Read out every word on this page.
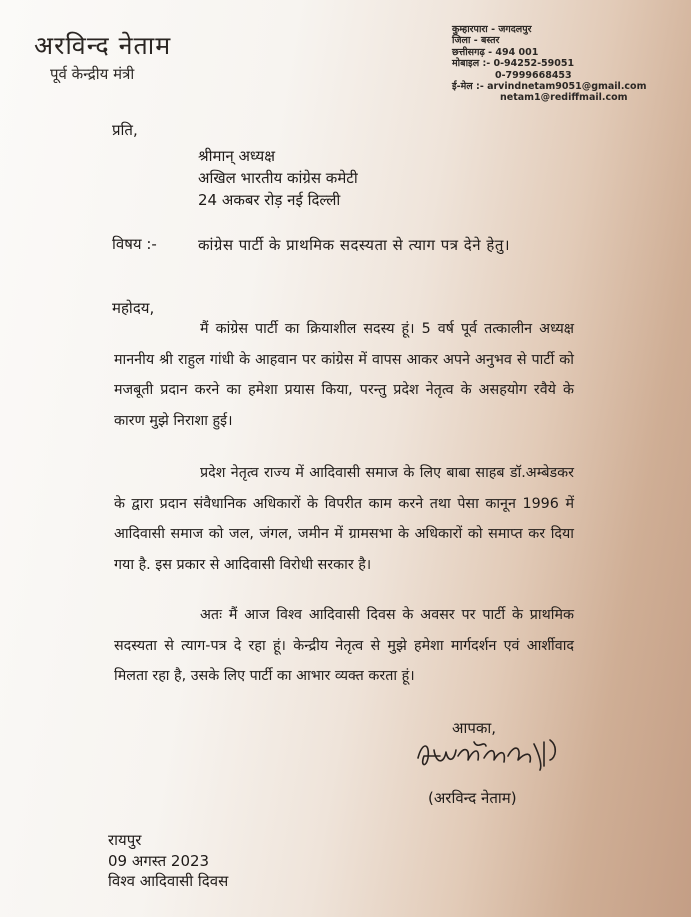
अरविन्द नेताम
पूर्व केन्द्रीय मंत्री
कुम्हारपारा - जगदलपुर
जिला - बस्तर
छत्तीसगढ़ - 494 001
मोबाइल :- 0-94252-59051
0-7999668453
ई-मेल :- arvindnetam9051@gmail.com
netam1@rediffmail.com
प्रति,
श्रीमान् अध्यक्ष
अखिल भारतीय कांग्रेस कमेटी
24 अकबर रोड़ नई दिल्ली
विषय :-	कांग्रेस पार्टी के प्राथमिक सदस्यता से त्याग पत्र देने हेतु।
महोदय,

मैं कांग्रेस पार्टी का क्रियाशील सदस्य हूं। 5 वर्ष पूर्व तत्कालीन अध्यक्ष माननीय श्री राहुल गांधी के आहवान पर कांग्रेस में वापस आकर अपने अनुभव से पार्टी को मजबूती प्रदान करने का हमेशा प्रयास किया, परन्तु प्रदेश नेतृत्व के असहयोग रवैये के कारण मुझे निराशा हुई।

प्रदेश नेतृत्व राज्य में आदिवासी समाज के लिए बाबा साहब डॉ.अम्बेडकर के द्वारा प्रदान संवैधानिक अधिकारों के विपरीत काम करने तथा पेसा कानून 1996 में आदिवासी समाज को जल, जंगल, जमीन में ग्रामसभा के अधिकारों को समाप्त कर दिया गया है. इस प्रकार से आदिवासी विरोधी सरकार है।

अतः मैं आज विश्व आदिवासी दिवस के अवसर पर पार्टी के प्राथमिक सदस्यता से त्याग-पत्र दे रहा हूं। केन्द्रीय नेतृत्व से मुझे हमेशा मार्गदर्शन एवं आर्शीवाद मिलता रहा है, उसके लिए पार्टी का आभार व्यक्त करता हूं।

आपका,
(अरविन्द नेताम)
रायपुर
09 अगस्त 2023
विश्व आदिवासी दिवस
